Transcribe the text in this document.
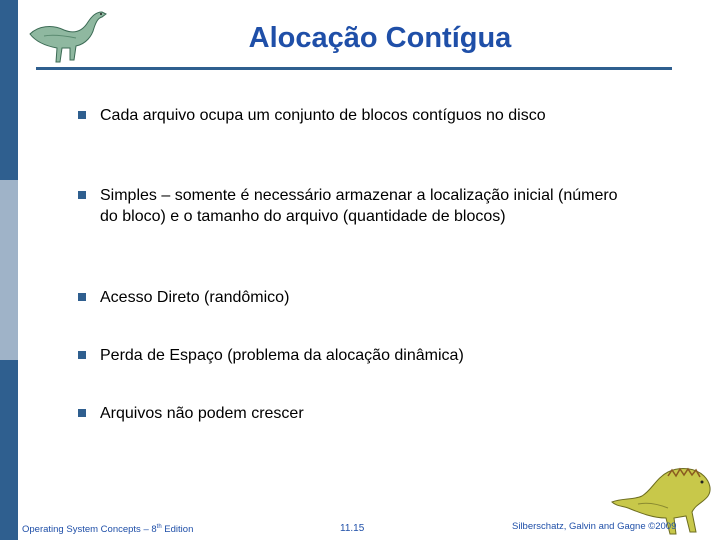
Alocação Contígua
Cada arquivo ocupa um conjunto de blocos contíguos no disco
Simples – somente é necessário armazenar a localização inicial (número do bloco) e o tamanho do arquivo (quantidade de blocos)
Acesso Direto (randômico)
Perda de Espaço (problema da alocação dinâmica)
Arquivos não podem crescer
Operating System Concepts – 8th Edition	11.15	Silberschatz, Galvin and Gagne ©2009
